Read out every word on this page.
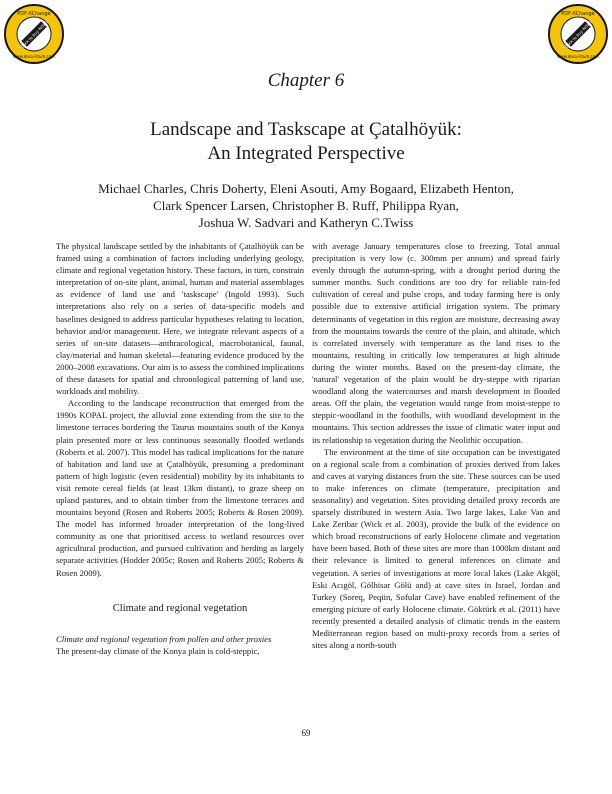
PDF-XChange
Click to buy NOW!
www.docu-track.com
PDF-XChange
Click to buy NOW!
www.docu-track.com
Chapter 6
Landscape and Taskscape at Çatalhöyük:
An Integrated Perspective
Michael Charles, Chris Doherty, Eleni Asouti, Amy Bogaard, Elizabeth Henton,
Clark Spencer Larsen, Christopher B. Ruff, Philippa Ryan,
Joshua W. Sadvari and Katheryn C.Twiss

The physical landscape settled by the inhabitants of Çatalhöyük can be framed using a combination of factors including underlying geology, climate and regional vegetation history. These factors, in turn, constrain interpretation of on-site plant, animal, human and material assemblages as evidence of land use and 'taskscape' (Ingold 1993). Such interpretations also rely on a series of data-specific models and baselines designed to address particular hypotheses relating to location, behavior and/or management. Here, we integrate relevant aspects of a series of on-site datasets—anthracological, macrobotanical, faunal, clay/material and human skeletal—featuring evidence produced by the 2000–2008 excavations. Our aim is to assess the combined implications of these datasets for spatial and chronological patterning of land use, workloads and mobility.

According to the landscape reconstruction that emerged from the 1990s KOPAL project, the alluvial zone extending from the site to the limestone terraces bordering the Taurus mountains south of the Konya plain presented more or less continuous seasonally flooded wetlands (Roberts et al. 2007). This model has radical implications for the nature of habitation and land use at Çatalhöyük, presuming a predominant pattern of high logistic (even residential) mobility by its inhabitants to visit remote cereal fields (at least 13km distant), to graze sheep on upland pastures, and to obtain timber from the limestone terraces and mountains beyond (Rosen and Roberts 2005; Roberts & Rosen 2009). The model has informed broader interpretation of the long-lived community as one that prioritised access to wetland resources over agricultural production, and pursued cultivation and herding as largely separate activities (Hodder 2005c; Rosen and Roberts 2005; Roberts & Rosen 2009).

Climate and regional vegetation

Climate and regional vegetation from pollen and other proxies

The present-day climate of the Konya plain is cold-steppic,

with average January temperatures close to freezing. Total annual precipitation is very low (c. 300mm per annum) and spread fairly evenly through the autumn-spring, with a drought period during the summer months. Such conditions are too dry for reliable rain-fed cultivation of cereal and pulse crops, and today farming here is only possible due to extensive artificial irrigation system. The primary determinants of vegetation in this region are moisture, decreasing away from the mountains towards the centre of the plain, and altitude, which is correlated inversely with temperature as the land rises to the mountains, resulting in critically low temperatures at high altitude during the winter months. Based on the present-day climate, the 'natural' vegetation of the plain would be dry-steppe with riparian woodland along the watercourses and marsh development in flooded areas. Off the plain, the vegetation would range from moist-steppe to steppic-woodland in the foothills, with woodland development in the mountains. This section addresses the issue of climatic water input and its relationship to vegetation during the Neolithic occupation.

The environment at the time of site occupation can be investigated on a regional scale from a combination of proxies derived from lakes and caves at varying distances from the site. These sources can be used to make inferences on climate (temperature, precipitation and seasonality) and vegetation. Sites providing detailed proxy records are sparsely distributed in western Asia. Two large lakes, Lake Van and Lake Zeribar (Wick et al. 2003), provide the bulk of the evidence on which broad reconstructions of early Holocene climate and vegetation have been based. Both of these sites are more than 1000km distant and their relevance is limited to general inferences on climate and vegetation. A series of investigations at more local lakes (Lake Akgöl, Eski Acıgöl, Gölhisar Gölü and) at cave sites in Israel, Jordan and Turkey (Soreq, Peqiin, Sofular Cave) have enabled refinement of the emerging picture of early Holocene climate. Göktürk et al. (2011) have recently presented a detailed analysis of climatic trends in the eastern Mediterranean region based on multi-proxy records from a series of sites along a north-south

69
